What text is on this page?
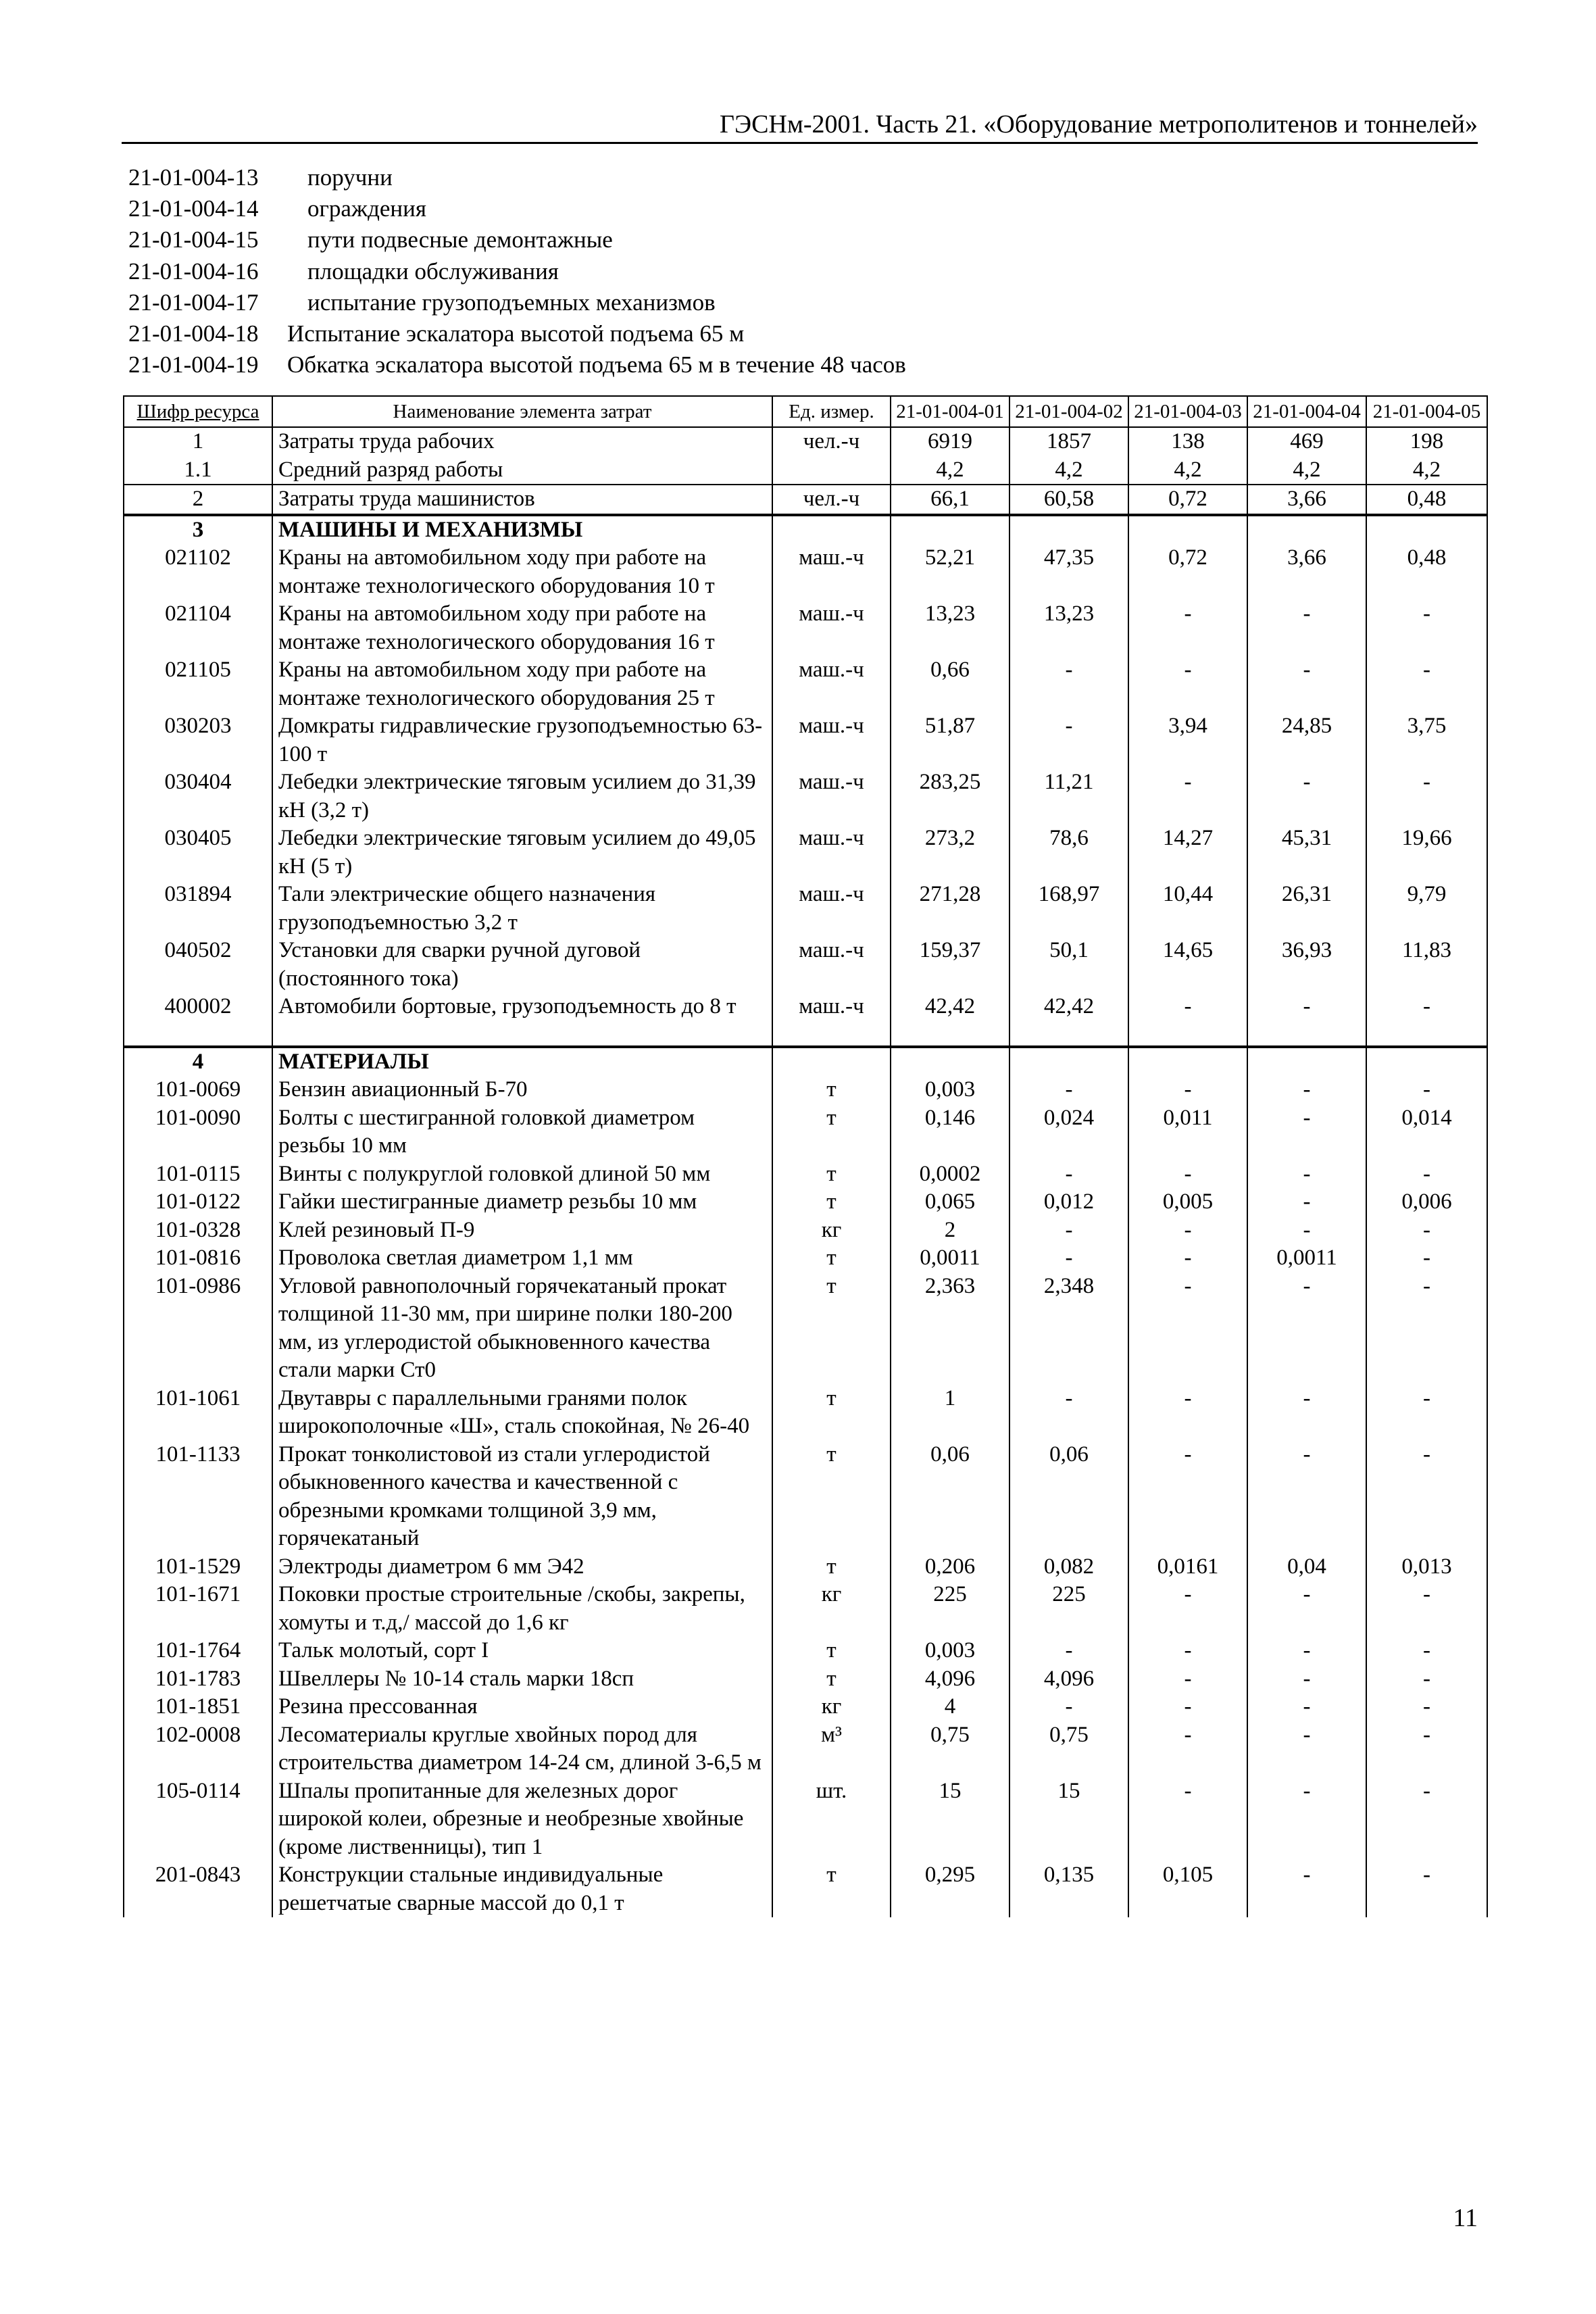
ГЭСНм-2001. Часть 21. «Оборудование метрополитенов и тоннелей»
21-01-004-13	поручни
21-01-004-14	ограждения
21-01-004-15	пути подвесные демонтажные
21-01-004-16	площадки обслуживания
21-01-004-17	испытание грузоподъемных механизмов
21-01-004-18	Испытание эскалатора высотой подъема 65 м
21-01-004-19	Обкатка эскалатора высотой подъема 65 м в течение 48 часов
Шифр ресурса	Наименование элемента затрат	Ед. измер.	21-01-004-01	21-01-004-02	21-01-004-03	21-01-004-04	21-01-004-05
1	Затраты труда рабочих	чел.-ч	6919	1857	138	469	198
1.1	Средний разряд работы		4,2	4,2	4,2	4,2	4,2
2	Затраты труда машинистов	чел.-ч	66,1	60,58	0,72	3,66	0,48
3	МАШИНЫ И МЕХАНИЗМЫ						
021102	Краны на автомобильном ходу при работе на монтаже технологического оборудования 10 т	маш.-ч	52,21	47,35	0,72	3,66	0,48
021104	Краны на автомобильном ходу при работе на монтаже технологического оборудования 16 т	маш.-ч	13,23	13,23	-	-	-
021105	Краны на автомобильном ходу при работе на монтаже технологического оборудования 25 т	маш.-ч	0,66	-	-	-	-
030203	Домкраты гидравлические грузоподъемностью 63-100 т	маш.-ч	51,87	-	3,94	24,85	3,75
030404	Лебедки электрические тяговым усилием до 31,39 кН (3,2 т)	маш.-ч	283,25	11,21	-	-	-
030405	Лебедки электрические тяговым усилием до 49,05 кН (5 т)	маш.-ч	273,2	78,6	14,27	45,31	19,66
031894	Тали электрические общего назначения грузоподъемностью 3,2 т	маш.-ч	271,28	168,97	10,44	26,31	9,79
040502	Установки для сварки ручной дуговой (постоянного тока)	маш.-ч	159,37	50,1	14,65	36,93	11,83
400002	Автомобили бортовые, грузоподъемность до 8 т	маш.-ч	42,42	42,42	-	-	-
4	МАТЕРИАЛЫ						
101-0069	Бензин авиационный Б-70	т	0,003	-	-	-	-
101-0090	Болты с шестигранной головкой диаметром резьбы 10 мм	т	0,146	0,024	0,011	-	0,014
101-0115	Винты с полукруглой головкой длиной 50 мм	т	0,0002	-	-	-	-
101-0122	Гайки шестигранные диаметр резьбы 10 мм	т	0,065	0,012	0,005	-	0,006
101-0328	Клей резиновый П-9	кг	2	-	-	-	-
101-0816	Проволока светлая диаметром 1,1 мм	т	0,0011	-	-	0,0011	-
101-0986	Угловой равнополочный горячекатаный прокат толщиной 11-30 мм, при ширине полки 180-200 мм, из углеродистой обыкновенного качества стали марки Ст0	т	2,363	2,348	-	-	-
101-1061	Двутавры с параллельными гранями полок широкополочные «Ш», сталь спокойная, № 26-40	т	1	-	-	-	-
101-1133	Прокат тонколистовой из стали углеродистой обыкновенного качества и качественной с обрезными кромками толщиной 3,9 мм, горячекатаный	т	0,06	0,06	-	-	-
101-1529	Электроды диаметром 6 мм Э42	т	0,206	0,082	0,0161	0,04	0,013
101-1671	Поковки простые строительные /скобы, закрепы, хомуты и т.д,/ массой до 1,6 кг	кг	225	225	-	-	-
101-1764	Тальк молотый, сорт I	т	0,003	-	-	-	-
101-1783	Швеллеры № 10-14 сталь марки 18сп	т	4,096	4,096	-	-	-
101-1851	Резина прессованная	кг	4	-	-	-	-
102-0008	Лесоматериалы круглые хвойных пород для строительства диаметром 14-24 см, длиной 3-6,5 м	м³	0,75	0,75	-	-	-
105-0114	Шпалы пропитанные для железных дорог широкой колеи, обрезные и необрезные хвойные (кроме лиственницы), тип 1	шт.	15	15	-	-	-
201-0843	Конструкции стальные индивидуальные решетчатые сварные массой до 0,1 т	т	0,295	0,135	0,105	-	-
11
